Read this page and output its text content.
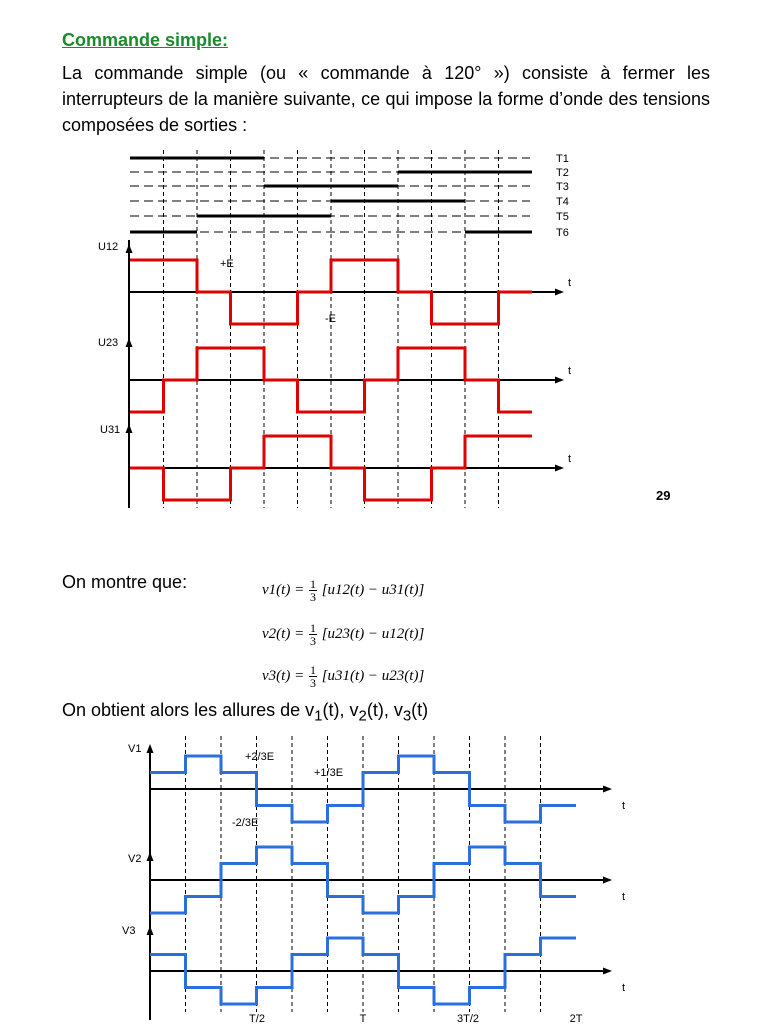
Commande simple:
La commande simple (ou « commande à 120° ») consiste à fermer les interrupteurs de la manière suivante, ce qui impose la forme d’onde des tensions composées de sorties :
T1
T2
T3
T4
T5
T6
U12
t
U23
t
U31
t
+E
-E
29
On montre que:	$v1(t) = \frac{1}{3} [u12(t) - u31(t)]$
$v2(t) = \frac{1}{3} [u23(t) - u12(t)]$
$v3(t) = \frac{1}{3} [u31(t) - u23(t)]$
On obtient alors les allures de $v_1(t)$, $v_2(t)$, $v_3(t)$
V1
t
V2
t
V3
t
+2/3E
+1/3E
-2/3E
T/2	T	3T/2	2T
